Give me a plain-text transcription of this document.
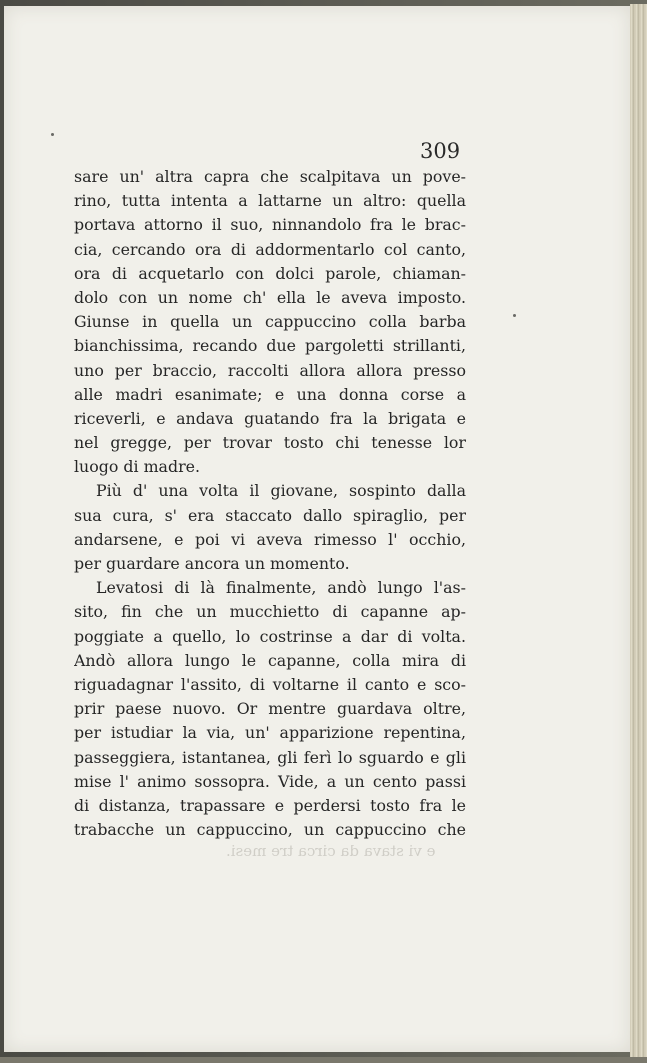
309
e vi stava da circa tre mesi.
sare un' altra capra che scalpitava un pove-
rino, tutta intenta a lattarne un altro: quella
portava attorno il suo, ninnandolo fra le brac-
cia, cercando ora di addormentarlo col canto,
ora di acquetarlo con dolci parole, chiaman-
dolo con un nome ch' ella le aveva imposto.
Giunse in quella un cappuccino colla barba
bianchissima, recando due pargoletti strillanti,
uno per braccio, raccolti allora allora presso
alle madri esanimate; e una donna corse a
riceverli, e andava guatando fra la brigata e
nel gregge, per trovar tosto chi tenesse lor
luogo di madre.
Più d' una volta il giovane, sospinto dalla
sua cura, s' era staccato dallo spiraglio, per
andarsene, e poi vi aveva rimesso l' occhio,
per guardare ancora un momento.
Levatosi di là finalmente, andò lungo l'as-
sito, fin che un mucchietto di capanne ap-
poggiate a quello, lo costrinse a dar di volta.
Andò allora lungo le capanne, colla mira di
riguadagnar l'assito, di voltarne il canto e sco-
prir paese nuovo. Or mentre guardava oltre,
per istudiar la via, un' apparizione repentina,
passeggiera, istantanea, gli ferì lo sguardo e gli
mise l' animo sossopra. Vide, a un cento passi
di distanza, trapassare e perdersi tosto fra le
trabacche un cappuccino, un cappuccino che
